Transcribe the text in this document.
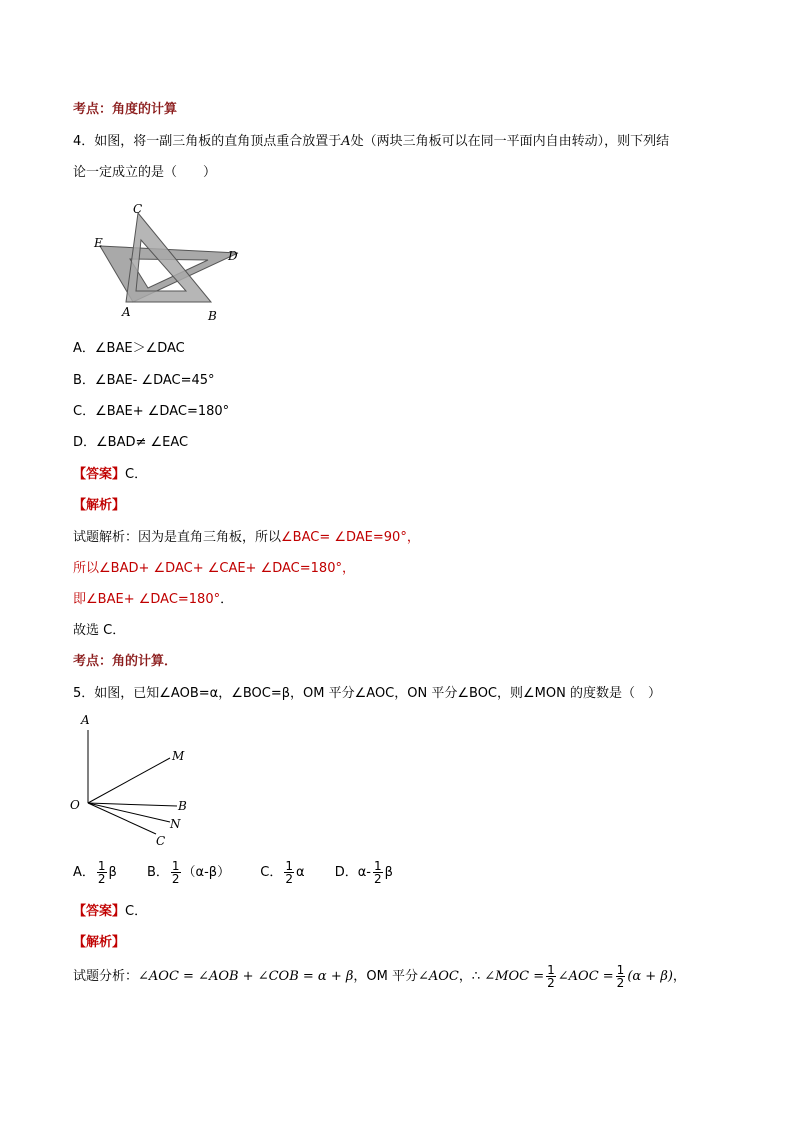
考点：角度的计算
4．如图，将一副三角板的直角顶点重合放置于A处（两块三角板可以在同一平面内自由转动），则下列结
论一定成立的是（　　）
C
E
D
A	B
A．∠BAE＞∠DAC
B．∠BAE- ∠DAC=45°
C．∠BAE+ ∠DAC=180°
D．∠BAD≠ ∠EAC
【答案】C．
【解析】
试题解析：因为是直角三角板，所以∠BAC= ∠DAE=90°，
所以∠BAD+ ∠DAC+ ∠CAE+ ∠DAC=180°，
即∠BAE+ ∠DAC=180°．
故选 C．
考点：角的计算．
5．如图，已知∠AOB=α，∠BOC=β，OM 平分∠AOC，ON 平分∠BOC，则∠MON 的度数是（　）
A
M
O	B
N
C
A． $\frac{1}{2}$ β B． $\frac{1}{2} (\alpha-\beta)$ C． $\frac{1}{2}$ α D．$\alpha- \frac{1}{2}$ β
【答案】C．
【解析】
试题分析：∠AOC = ∠AOB + ∠COB = α + β，OM 平分∠AOC，∴ ∠MOC = $\frac{1}{2}$ ∠AOC = $\frac{1}{2} (\alpha + \beta)$，
